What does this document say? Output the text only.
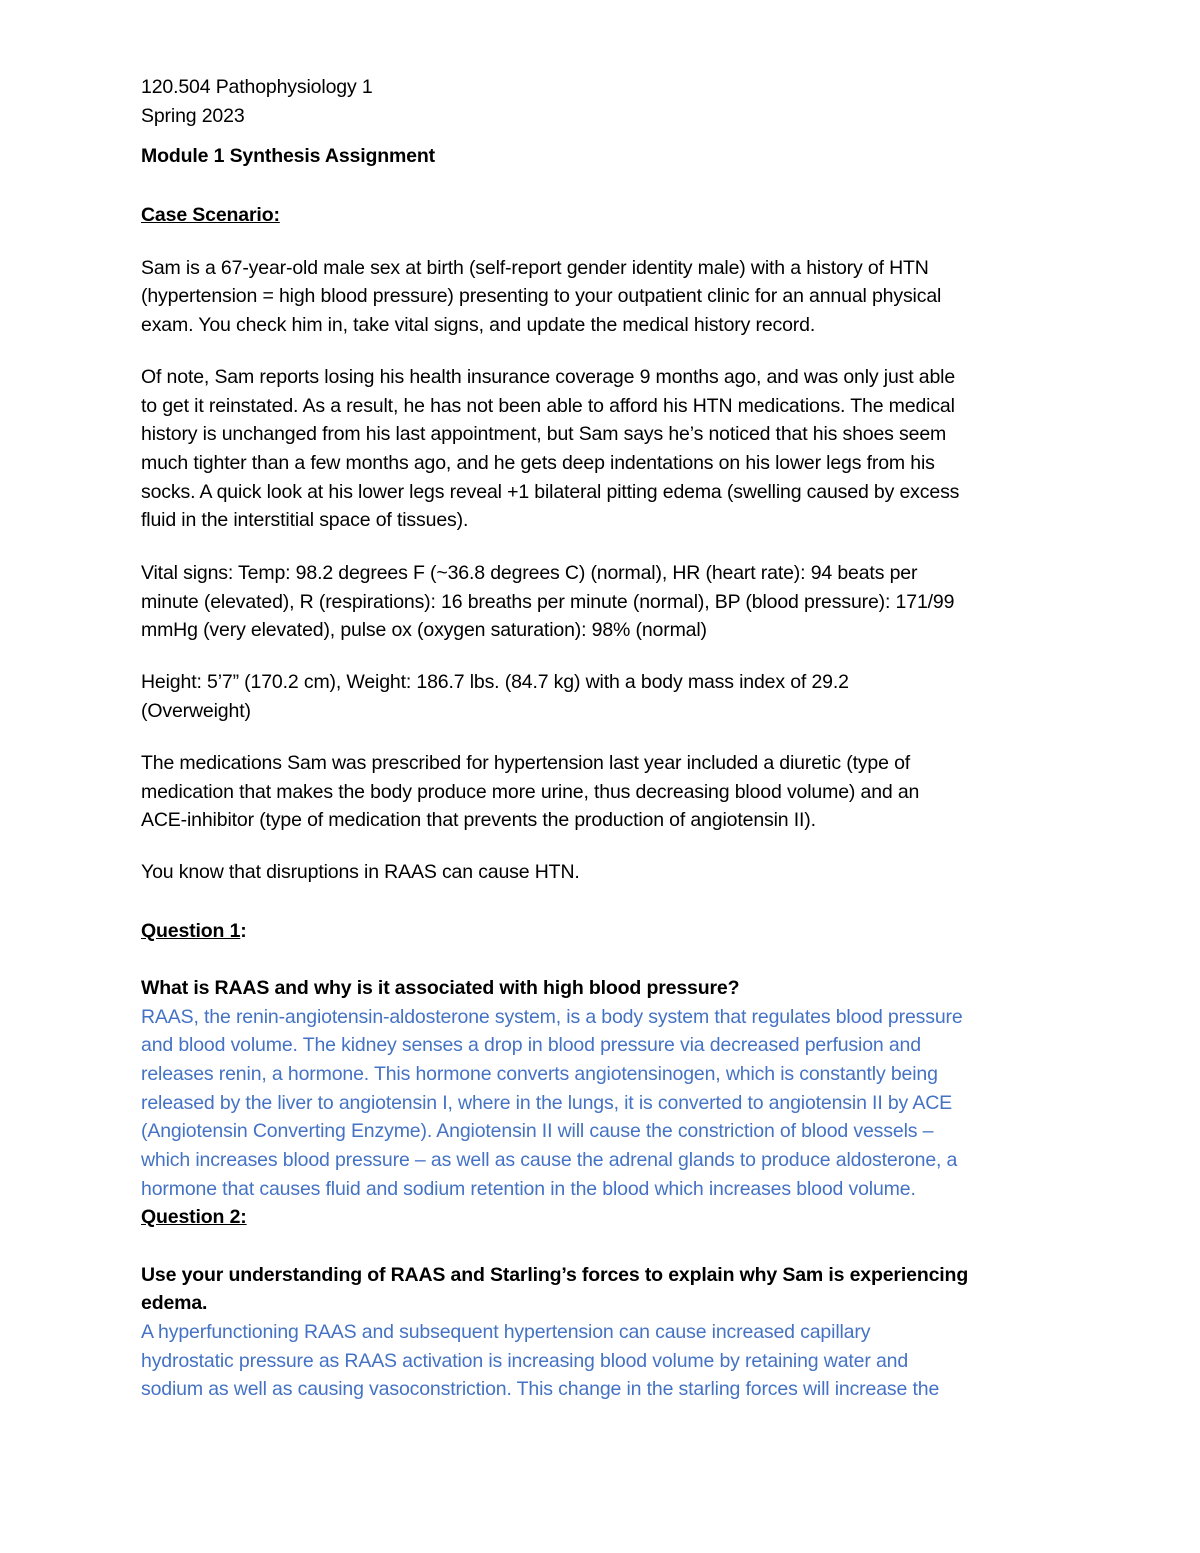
120.504 Pathophysiology 1

Spring 2023

Module 1 Synthesis Assignment

Case Scenario:

Sam is a 67-year-old male sex at birth (self-report gender identity male) with a history of HTN

(hypertension = high blood pressure) presenting to your outpatient clinic for an annual physical

exam. You check him in, take vital signs, and update the medical history record.

Of note, Sam reports losing his health insurance coverage 9 months ago, and was only just able

to get it reinstated. As a result, he has not been able to afford his HTN medications. The medical

history is unchanged from his last appointment, but Sam says he’s noticed that his shoes seem

much tighter than a few months ago, and he gets deep indentations on his lower legs from his

socks. A quick look at his lower legs reveal +1 bilateral pitting edema (swelling caused by excess

fluid in the interstitial space of tissues).

Vital signs: Temp: 98.2 degrees F (~36.8 degrees C) (normal), HR (heart rate): 94 beats per

minute (elevated), R (respirations): 16 breaths per minute (normal), BP (blood pressure): 171/99

mmHg (very elevated), pulse ox (oxygen saturation): 98% (normal)

Height: 5’7” (170.2 cm), Weight: 186.7 lbs. (84.7 kg) with a body mass index of 29.2

(Overweight)

The medications Sam was prescribed for hypertension last year included a diuretic (type of

medication that makes the body produce more urine, thus decreasing blood volume) and an

ACE-inhibitor (type of medication that prevents the production of angiotensin II).

You know that disruptions in RAAS can cause HTN.

Question 1:

What is RAAS and why is it associated with high blood pressure?

RAAS, the renin-angiotensin-aldosterone system, is a body system that regulates blood pressure

and blood volume. The kidney senses a drop in blood pressure via decreased perfusion and

releases renin, a hormone. This hormone converts angiotensinogen, which is constantly being

released by the liver to angiotensin I, where in the lungs, it is converted to angiotensin II by ACE

(Angiotensin Converting Enzyme). Angiotensin II will cause the constriction of blood vessels –

which increases blood pressure – as well as cause the adrenal glands to produce aldosterone, a

hormone that causes fluid and sodium retention in the blood which increases blood volume.

Question 2:

Use your understanding of RAAS and Starling’s forces to explain why Sam is experiencing

edema.

A hyperfunctioning RAAS and subsequent hypertension can cause increased capillary

hydrostatic pressure as RAAS activation is increasing blood volume by retaining water and

sodium as well as causing vasoconstriction. This change in the starling forces will increase the
